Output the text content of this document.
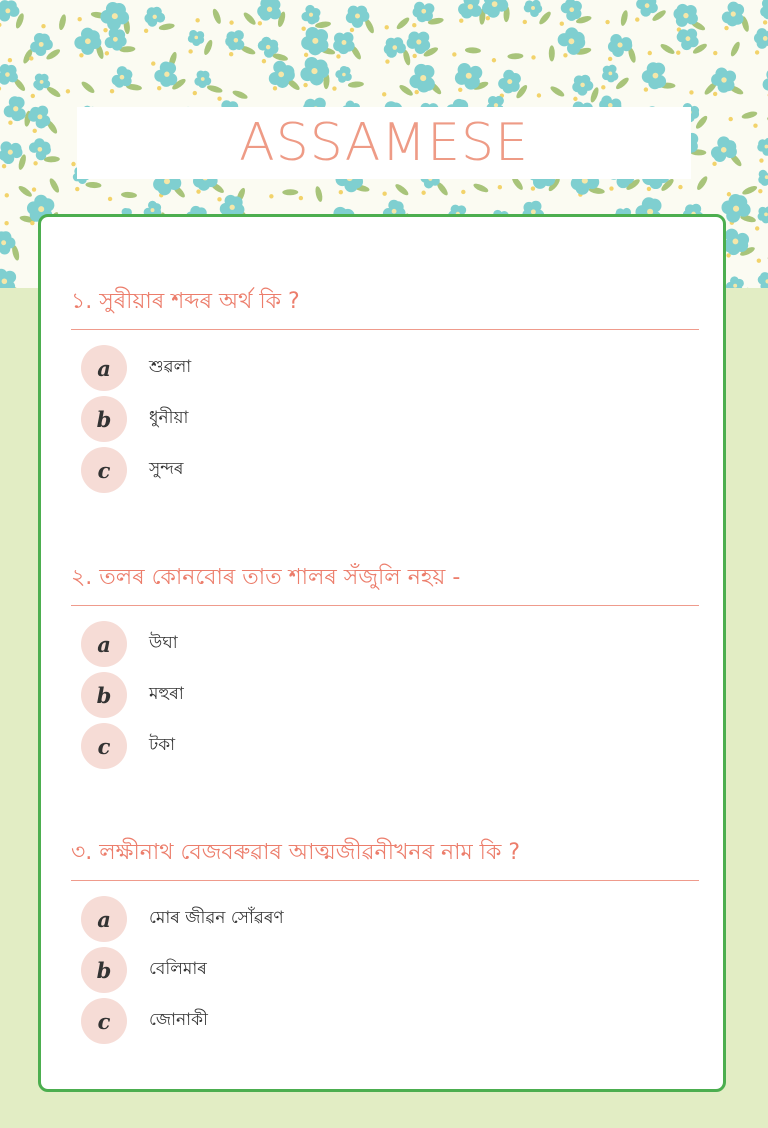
ASSAMESE
১. সুৰীয়াৰ শব্দৰ অৰ্থ কি ?
a	শুৱলা
b	ধুনীয়া
c	সুন্দৰ
২. তলৰ কোনবোৰ তাত শালৰ সঁজুলি নহয় -
a	উঘা
b	মহুৰা
c	টকা
৩. লক্ষীনাথ বেজবৰুৱাৰ আত্মজীৱনীখনৰ নাম কি ?
a	মোৰ জীৱন সোঁৱৰণ
b	বেলিমাৰ
c	জোনাকী
